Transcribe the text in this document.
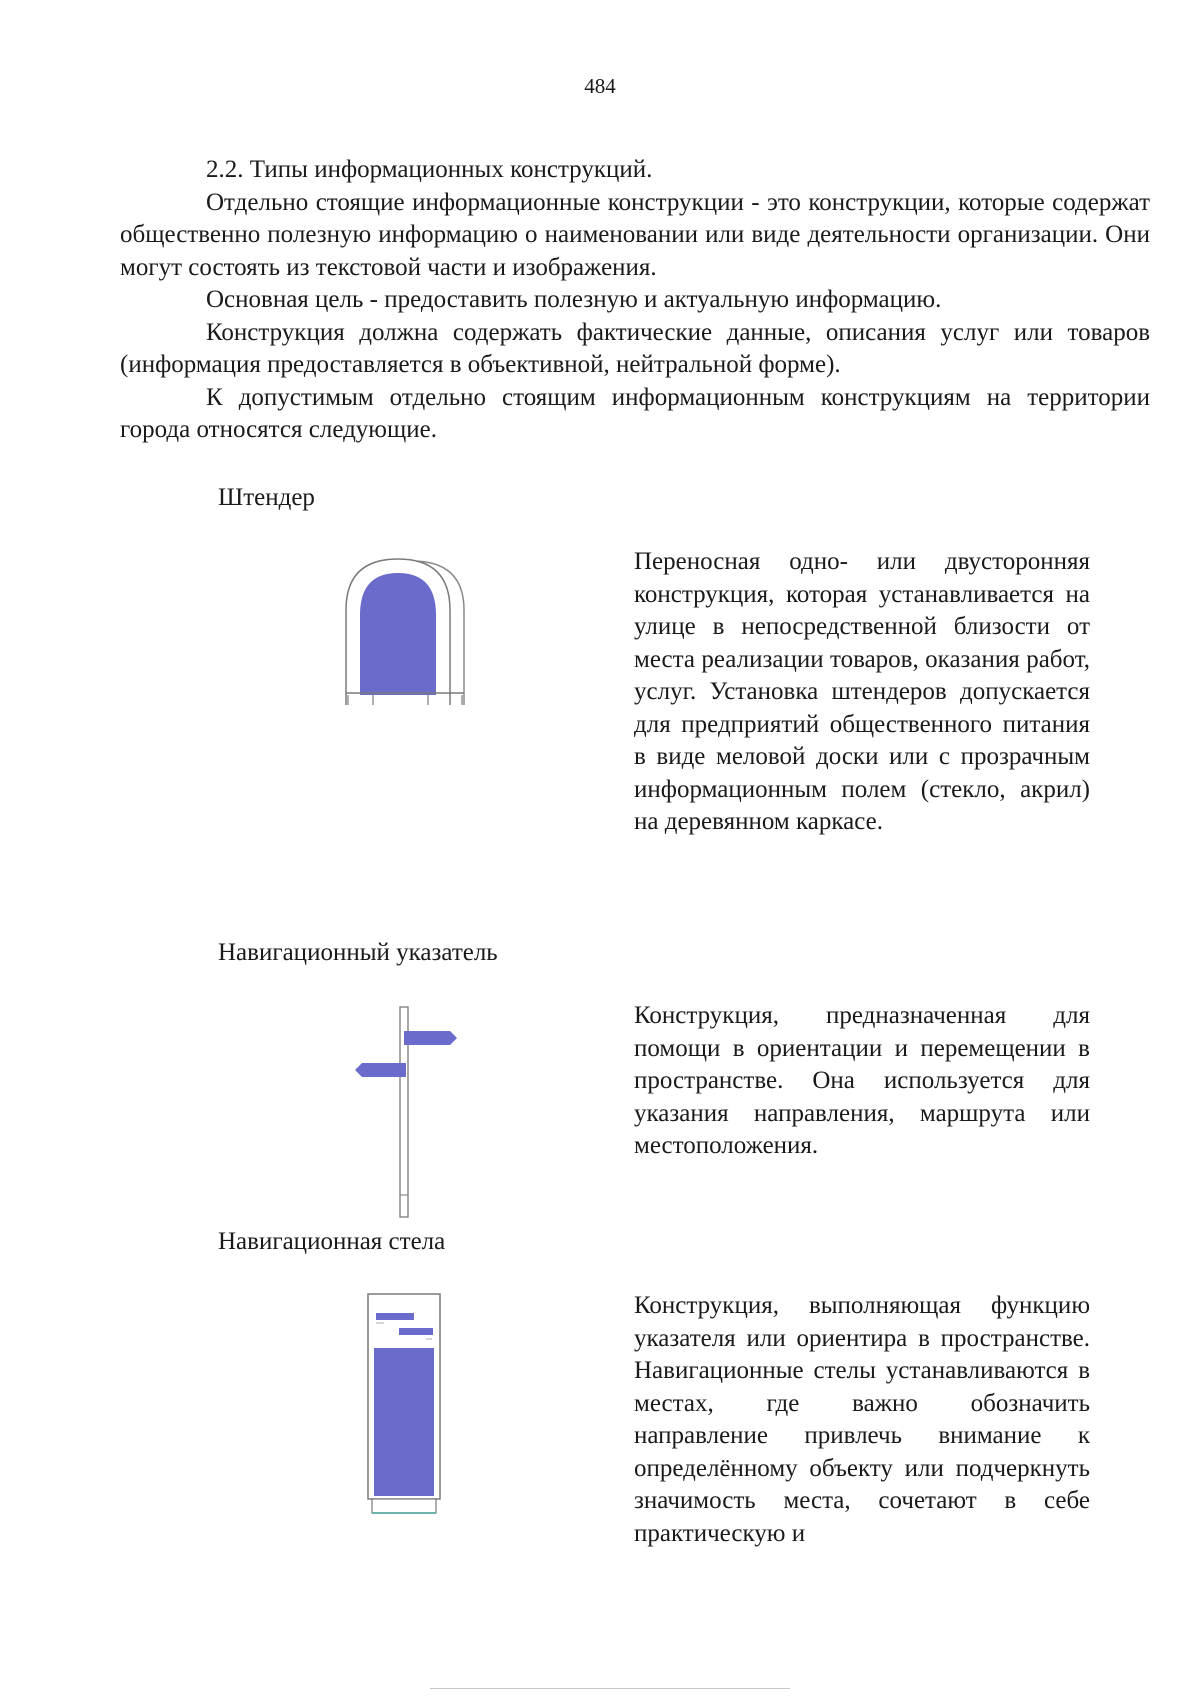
484

2.2. Типы информационных конструкций.

Отдельно стоящие информационные конструкции - это конструкции, которые содержат общественно полезную информацию о наименовании или виде деятельности организации. Они могут состоять из текстовой части и изображения.

Основная цель - предоставить полезную и актуальную информацию.

Конструкция должна содержать фактические данные, описания услуг или товаров (информация предоставляется в объективной, нейтральной форме).

К допустимым отдельно стоящим информационным конструкциям на территории города относятся следующие.

Штендер

Переносная одно- или двусторонняя конструкция, которая устанавливается на улице в непосредственной близости от места реализации товаров, оказания работ, услуг. Установка штендеров допускается для предприятий общественного питания в виде меловой доски или с прозрачным информационным полем (стекло, акрил) на деревянном каркасе.

Навигационный указатель

Конструкция, предназначенная для помощи в ориентации и перемещении в пространстве. Она используется для указания направления, маршрута или местоположения.

Навигационная стела

Конструкция, выполняющая функцию указателя или ориентира в пространстве. Навигационные стелы устанавливаются в местах, где важно обозначить направление привлечь внимание к определённому объекту или подчеркнуть значимость места, сочетают в себе практическую и
